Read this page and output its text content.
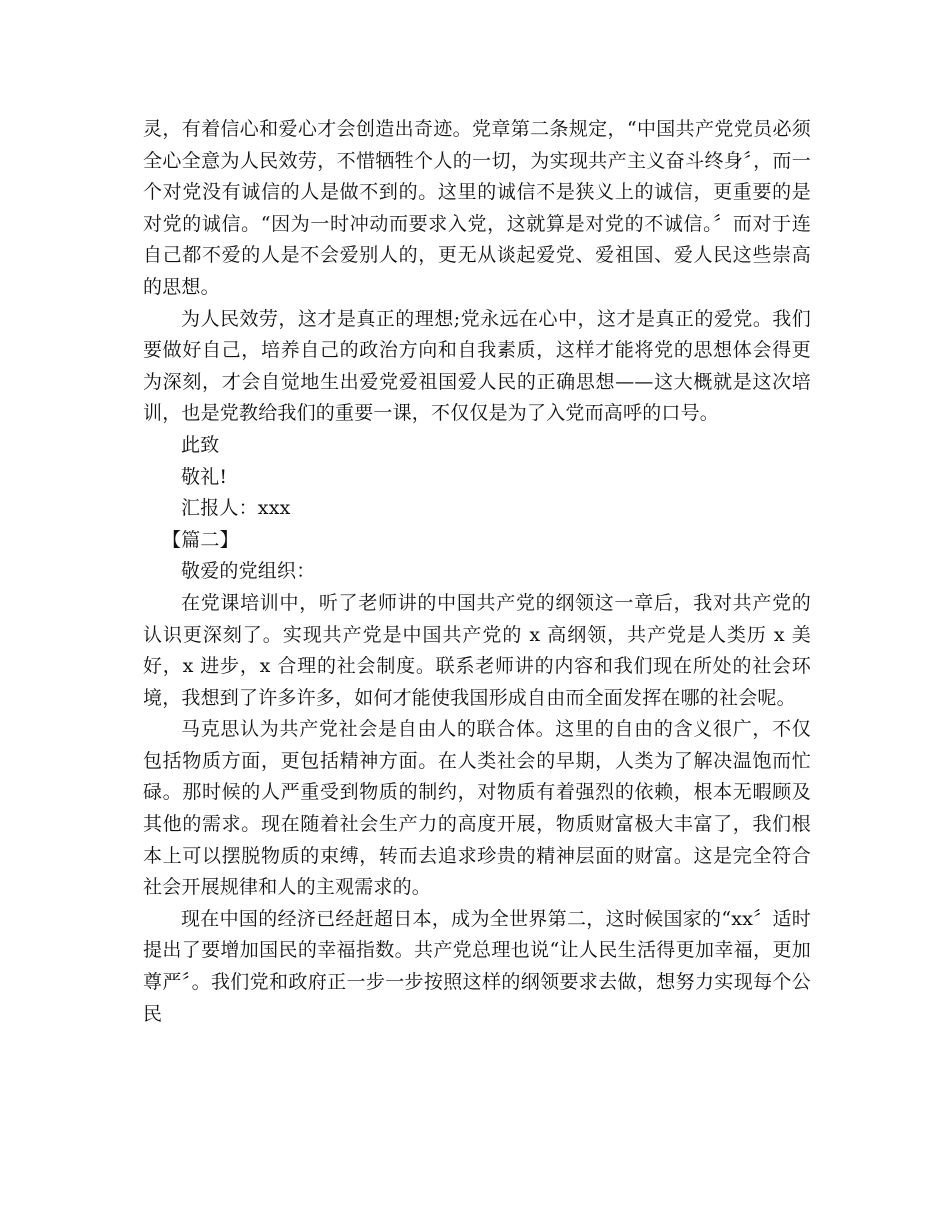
灵，有着信心和爱心才会创造出奇迹。党章第二条规定，“中国共产党党员必须全心全意为人民效劳，不惜牺牲个人的一切，为实现共产主义奋斗终身〞，而一个对党没有诚信的人是做不到的。这里的诚信不是狭义上的诚信，更重要的是对党的诚信。“因为一时冲动而要求入党，这就算是对党的不诚信。〞而对于连自己都不爱的人是不会爱别人的，更无从谈起爱党、爱祖国、爱人民这些崇高的思想。

为人民效劳，这才是真正的理想;党永远在心中，这才是真正的爱党。我们要做好自己，培养自己的政治方向和自我素质，这样才能将党的思想体会得更为深刻，才会自觉地生出爱党爱祖国爱人民的正确思想——这大概就是这次培训，也是党教给我们的重要一课，不仅仅是为了入党而高呼的口号。

此致

敬礼!

汇报人：xxx

【篇二】

敬爱的党组织：

在党课培训中，听了老师讲的中国共产党的纲领这一章后，我对共产党的认识更深刻了。实现共产党是中国共产党的 x 高纲领，共产党是人类历 x 美好，x 进步，x 合理的社会制度。联系老师讲的内容和我们现在所处的社会环境，我想到了许多许多，如何才能使我国形成自由而全面发挥在哪的社会呢。

马克思认为共产党社会是自由人的联合体。这里的自由的含义很广，不仅包括物质方面，更包括精神方面。在人类社会的早期，人类为了解决温饱而忙碌。那时候的人严重受到物质的制约，对物质有着强烈的依赖，根本无暇顾及其他的需求。现在随着社会生产力的高度开展，物质财富极大丰富了，我们根本上可以摆脱物质的束缚，转而去追求珍贵的精神层面的财富。这是完全符合社会开展规律和人的主观需求的。

现在中国的经济已经赶超日本，成为全世界第二，这时候国家的“xx〞适时提出了要增加国民的幸福指数。共产党总理也说“让人民生活得更加幸福，更加尊严〞。我们党和政府正一步一步按照这样的纲领要求去做，想努力实现每个公民
